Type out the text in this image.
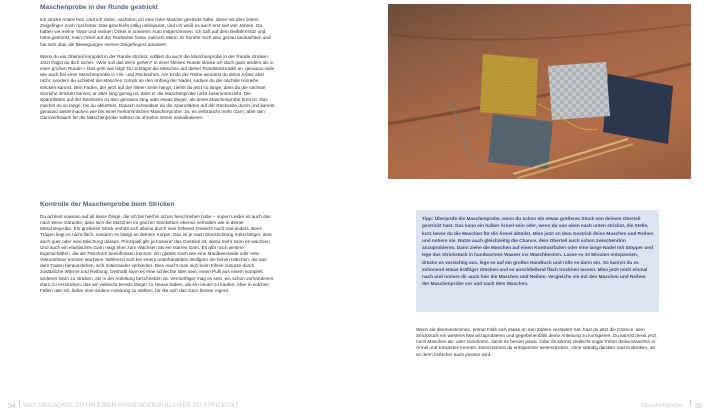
Maschenprobe in der Runde gestrickt

Ich stricke relativ fest. Und ich ziehe, nachdem ich eine linke Masche gestrickt habe, diese mit dem linken Zeigefinger noch mal fester. Das geschieht völlig unbewusst, und ich weiß es auch erst seit vier Jahren. Da haben wir meine Tante und meinen Onkel in unserem Auto mitgenommen. Ich saß auf dem Beifahrersitz und habe gestrickt, mein Onkel auf der Rückbank hinter meinem Mann. Er konnte mich also genau beobachten und hat sich über die Bewegungen meines Zeigefingers amüsiert.

Wenn du ein Oberteil komplett in der Runde strickst, solltest du auch die Maschenprobe in der Runde stricken. Jetzt fragst du dich sicher: »Wie soll das denn gehen? In einer kleinen Runde stricke ich doch ganz anders als in einer großen Runde.« Das geht wie folgt: Du schlägst die Maschen auf deiner Rundstricknadel an, genauso viele wie auch bei einer Maschenprobe in Hin- und Rückreihen. Am Ende der Reihe wendest du deine Arbeit aber nicht, sondern du schiebst die Maschen zurück an den Anfang der Nadel, sodass du die nächste Hinreihe stricken kannst. Den Faden, der jetzt auf der linken Seite hängt, ziehst du jetzt so lange, dass du die nächste Hinreihe stricken kannst, er aber lang genug ist, dass er die Maschenprobe nicht zusammenzieht. Die Spannfäden auf der Rückseite ist also genauso lang oder etwas länger, als deine Maschenprobe breit ist. Das machst du so lange, bis du abkettest. Danach schneidest du die Spannfäden auf der Rückseite durch und kannst genauso weitermachen wie bei einer herkömmlichen Maschenprobe. Ja, es verbraucht mehr Garn, aber den Garnverbrauch für die Maschenprobe solltest du ohnehin immer einkalkulieren.

Kontrolle der Maschenprobe beim Stricken

Du achtest sowieso auf all diese Dinge, die ich bis hierhin schon beschrieben habe – super! Leider ist auch das noch keine Garantie, dass sich die Maschen im ganzen Strickstück ebenso verhalten wie in deiner Maschenprobe. Ein größeres Stück verhält sich alleine durch sein höheres Gewicht noch mal anders. Beim Tragen liegt es nicht flach, sondern es hängt an deinem Körper. Das ist je nach Strickrichtung meist länger, aber auch quer oder eine Mischung daraus. Prinzipiell gilt, je lockerer das Gestrick ist, desto mehr kann es wachsen. Und auch ein elastisches Garn neigt eher zum Wachsen als ein starres Garn. Es gibt noch weitere Eigenschaften, die die Passform beeinflussen können. Ein glattes Garn wie eine Maulbeerseide oder eine Viskosefaser können wachsen. Während sich bei einem unbehandelten Wollgarn die feinen Härchen, die aus dem Faden herausstehen, sich miteinander verbinden. Dies macht man sich beim Filzen zunutze durch zusätzliche Wärme und Reibung. Deshalb kann es eine schlechte Idee sein, einen Pulli aus einem komplett anderen Garn zu stricken, als in der Anleitung beschrieben ist. Vernünftiger mag es sein, ein schon vorhandenes Garn zu verstricken, das wir vielleicht bereits länger zu Hause haben, als ein neues zu kaufen. Aber in solchen Fällen rate ich, lieber eine andere Anleitung zu wählen, für die sich das Garn besser eignet.

54 WAS BRAUCHSE DU UM EINEN PASSENDEN PULLOVER ZU STRICKEN?

Tipp: Überprüfe die Maschenprobe, wenn du schon ein etwas größeres Stück von deinem Oberteil gestrickt hast. Das kann ein halber Ärmel sein oder, wenn du von oben nach unten strickst, die Stelle, kurz bevor du die Maschen für die Ärmel abteilst. Miss jetzt an dem Gestrick deine Maschen und Reihen und notiere sie. Nutze auch gleichzeitig die Chance, dein Oberteil auch schon zwischendrin anzuprobieren. Dann ziehe die Maschen auf einen Kontrastfaden oder eine lange Nadel mit Stopper und lege das Strickstück in handwarmes Wasser ins Waschbecken. Lasse es 10 Minuten entspannen, drücke es vorsichtig aus, lege es auf ein großes Handtuch und rolle es darin ein. So kannst du es schonend etwas kräftiger drücken und es anschließend flach trocknen lassen. Miss jetzt noch einmal nach und notiere dir auch hier die Maschen und Reihen. Vergleiche sie mit den Maschen und Reihen der Maschenprobe vor und nach dem Waschen.

Wenn sie übereinstimmen, prima! Falls sich etwas an den Zahlen verändert hat, hast du jetzt die Chance, dein Strickstück ein weiteres Mal anzuprobieren und gegebenenfalls deine Anleitung zu korrigieren. Du kannst meist jetzt noch Maschen ab- oder zunehmen, damit es besser passt. Oder du kannst vielleicht sogar früher deine Maschen in Ärmel und Körperteil trennen. Damit kannst du entspannter weiterstricken, ohne ständig darüber nachzudenken, ob es denn hinterher auch passen wird.

Maschenprobe 55
